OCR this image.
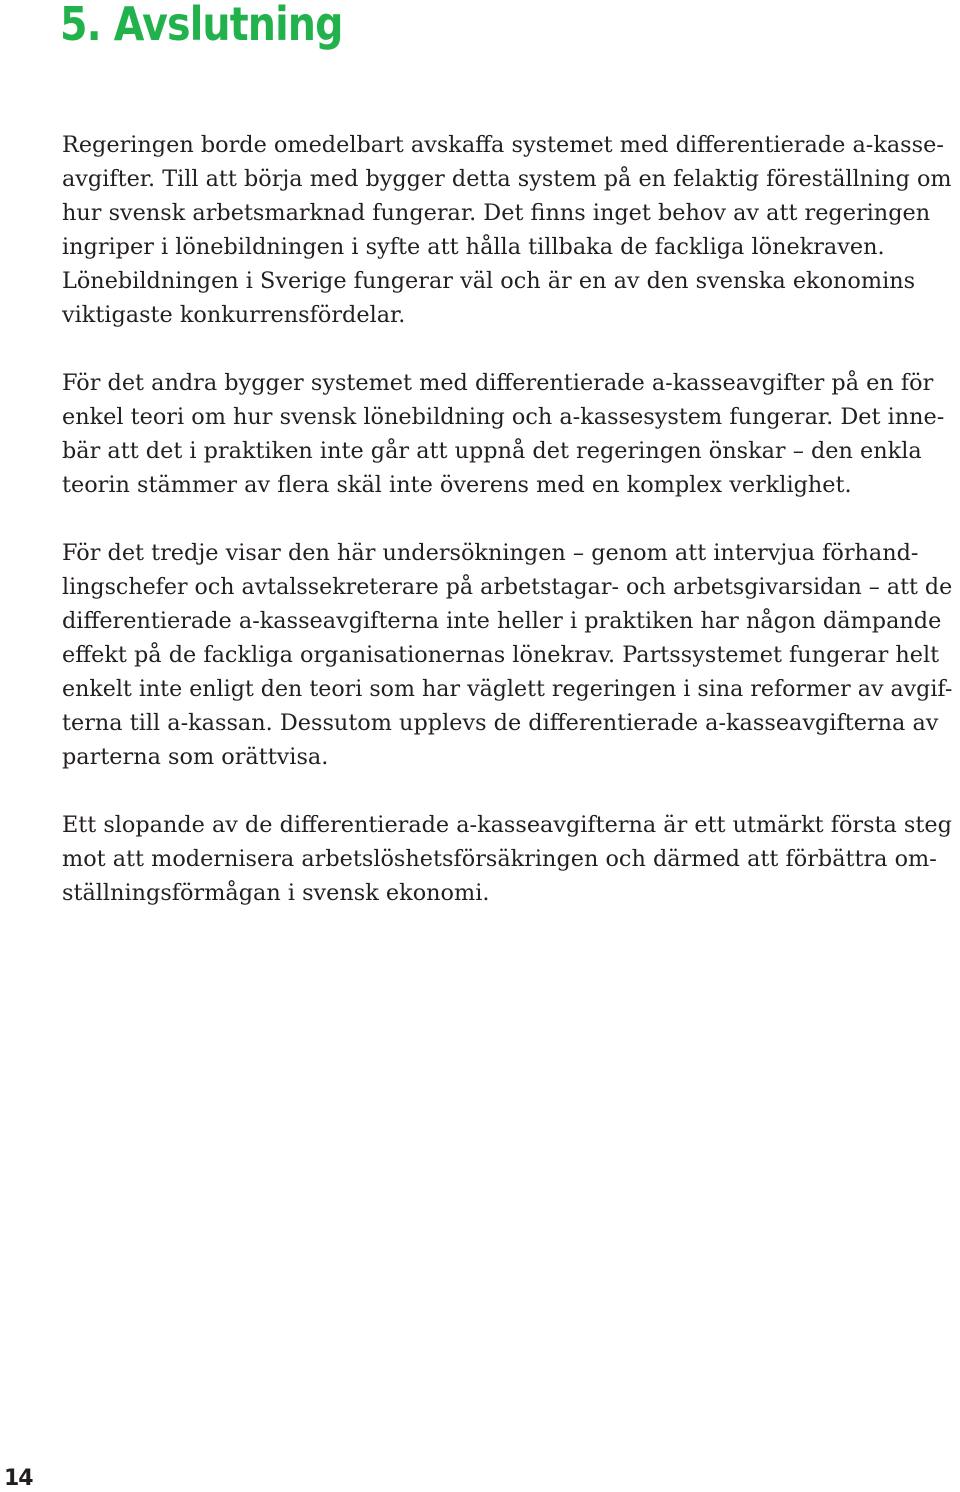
5. Avslutning

Regeringen borde omedelbart avskaffa systemet med differentierade a-kasse-
avgifter. Till att börja med bygger detta system på en felaktig föreställning om
hur svensk arbetsmarknad fungerar. Det finns inget behov av att regeringen
ingriper i lönebildningen i syfte att hålla tillbaka de fackliga lönekraven.
Lönebildningen i Sverige fungerar väl och är en av den svenska ekonomins
viktigaste konkurrensfördelar.

För det andra bygger systemet med differentierade a-kasseavgifter på en för
enkel teori om hur svensk lönebildning och a-kassesystem fungerar. Det inne-
bär att det i praktiken inte går att uppnå det regeringen önskar – den enkla
teorin stämmer av flera skäl inte överens med en komplex verklighet.

För det tredje visar den här undersökningen – genom att intervjua förhand-
lingschefer och avtalssekreterare på arbetstagar- och arbetsgivarsidan – att de
differentierade a-kasseavgifterna inte heller i praktiken har någon dämpande
effekt på de fackliga organisationernas lönekrav. Partssystemet fungerar helt
enkelt inte enligt den teori som har väglett regeringen i sina reformer av avgif-
terna till a-kassan. Dessutom upplevs de differentierade a-kasseavgifterna av
parterna som orättvisa.

Ett slopande av de differentierade a-kasseavgifterna är ett utmärkt första steg
mot att modernisera arbetslöshetsförsäkringen och därmed att förbättra om-
ställningsförmågan i svensk ekonomi.

14
